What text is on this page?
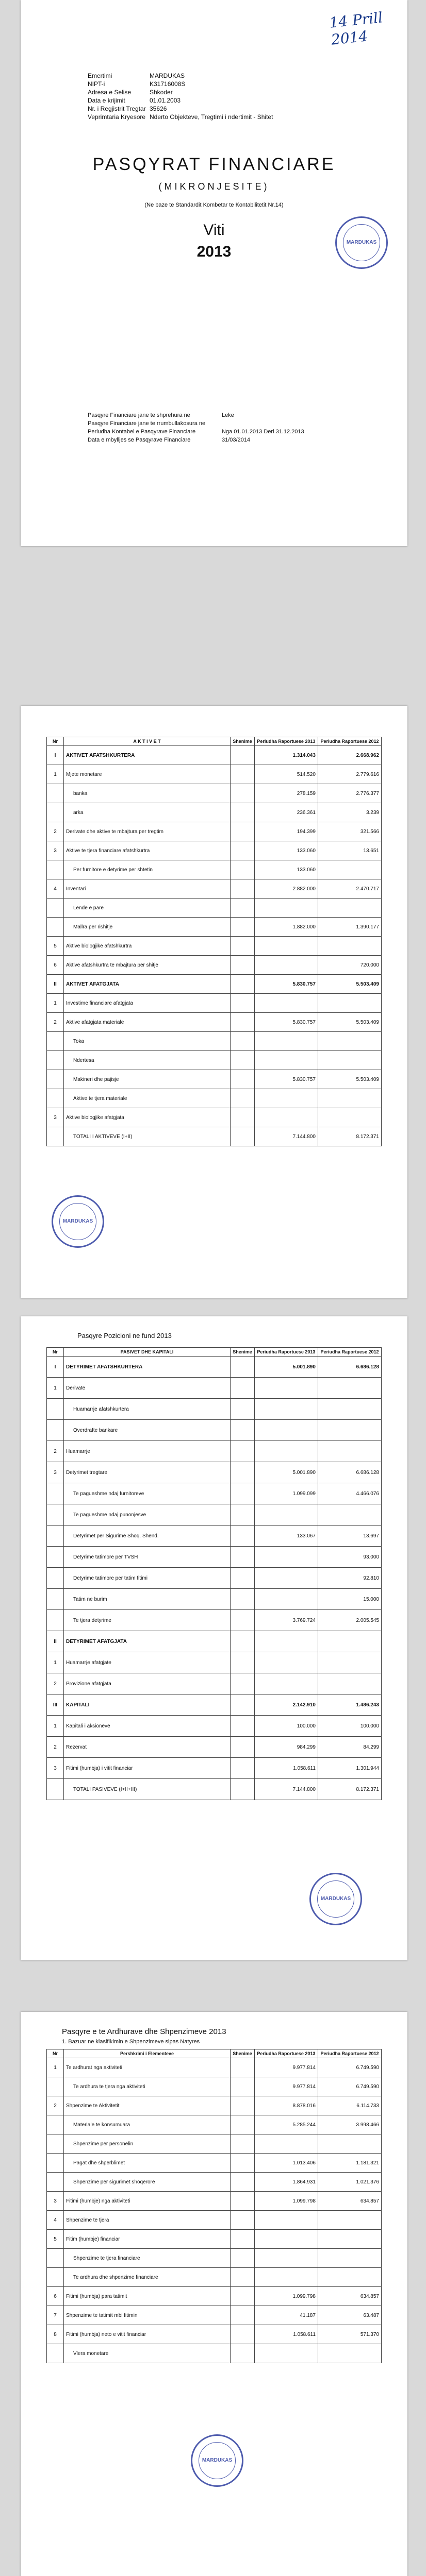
14 Prill 2014
Emertimi	MARDUKAS
NIPT-i	K31716008S
Adresa e Selise	Shkoder
Data e krijimit	01.01.2003
Nr. i Regjistrit Tregtar 35626
Veprimtaria Kryesore Nderto Objekteve, Tregtimi i ndertimit - Shitet
PASQYRAT FINANCIARE
(MIKRONJESITE)
(Ne baze te Standardit Kombetar te Kontabilitetit Nr.14)
Viti
2013
MARDUKAS
Pasqyre Financiare jane te shprehura ne	Leke
Pasqyre Financiare jane te rrumbullakosura ne
Periudha Kontabel e Pasqyrave Financiare	Nga 01.01.2013 Deri 31.12.2013
Data e mbylljes se Pasqyrave Financiare	31/03/2014
Nr	A K T I V E T	Shenime	Periudha Raportuese 2013	Periudha Raportuese 2012
I	AKTIVET AFATSHKURTERA		1.314.043	2.668.962
1	Mjete monetare		514.520	2.779.616
	banka		278.159	2.776.377
	arka		236.361	3.239
2	Derivate dhe aktive te mbajtura per tregtim		194.399	321.566
3	Aktive te tjera financiare afatshkurtra		133.060	13.651
	Per furnitore e detyrime per shtetin		133.060	
4	Inventari		2.882.000	2.470.717
	Lende e pare			
	Mallra per rishitje		1.882.000	1.390.177
5	Aktive biologjike afatshkurtra			
6	Aktive afatshkurtra te mbajtura per shitje			720.000
II	AKTIVET AFATGJATA		5.830.757	5.503.409
1	Investime financiare afatgjata			
2	Aktive afatgjata materiale		5.830.757	5.503.409
	Toka			
	Ndertesa			
	Makineri dhe pajisje		5.830.757	5.503.409
	Aktive te tjera materiale			
3	Aktive biologjike afatgjata			
	TOTALI I AKTIVEVE (I+II)		7.144.800	8.172.371
MARDUKAS
Pasqyre Pozicioni ne fund 2013
Nr	PASIVET DHE KAPITALI	Shenime	Periudha Raportuese 2013	Periudha Raportuese 2012
I	DETYRIMET AFATSHKURTERA		5.001.890	6.686.128
1	Derivate			
	Huamarrje afatshkurtera			
	Overdrafte bankare			
2	Huamarrje			
3	Detyrimet tregtare		5.001.890	6.686.128
	Te pagueshme ndaj furnitoreve		1.099.099	4.466.076
	Te pagueshme ndaj punonjesve			
	Detyrimet per Sigurime Shoq. Shend.		133.067	13.697
	Detyrime tatimore per TVSH			93.000
	Detyrime tatimore per tatim fitimi			92.810
	Tatim ne burim			15.000
	Te tjera detyrime		3.769.724	2.005.545
II	DETYRIMET AFATGJATA			
1	Huamarrje afatgjate			
2	Provizione afatgjata			
III	KAPITALI		2.142.910	1.486.243
1	Kapitali i aksioneve		100.000	100.000
2	Rezervat		984.299	84.299
3	Fitimi (humbja) i vitit financiar		1.058.611	1.301.944
	TOTALI PASIVEVE (I+II+III)		7.144.800	8.172.371
MARDUKAS
Pasqyre e te Ardhurave dhe Shpenzimeve 2013
1. Bazuar ne klasifikimin e Shpenzimeve sipas Natyres
Nr	Pershkrimi i Elementeve	Shenime	Periudha Raportuese 2013	Periudha Raportuese 2012
1	Te ardhurat nga aktiviteti		9.977.814	6.749.590
	Te ardhura te tjera nga aktiviteti		9.977.814	6.749.590
2	Shpenzime te Aktivitetit		8.878.016	6.114.733
	Materiale te konsumuara		5.285.244	3.998.466
	Shpenzime per personelin			
	Pagat dhe shperblimet		1.013.406	1.181.321
	Shpenzime per sigurimet shoqerore		1.864.931	1.021.376
3	Fitimi (humbje) nga aktiviteti		1.099.798	634.857
4	Shpenzime te tjera			
5	Fitim (humbje) financiar			
	Shpenzime te tjera financiare			
	Te ardhura dhe shpenzime financiare			
6	Fitimi (humbja) para tatimit		1.099.798	634.857
7	Shpenzime te tatimit mbi fitimin		41.187	63.487
8	Fitimi (humbja) neto e vitit financiar		1.058.611	571.370
	Vlera monetare			
MARDUKAS
